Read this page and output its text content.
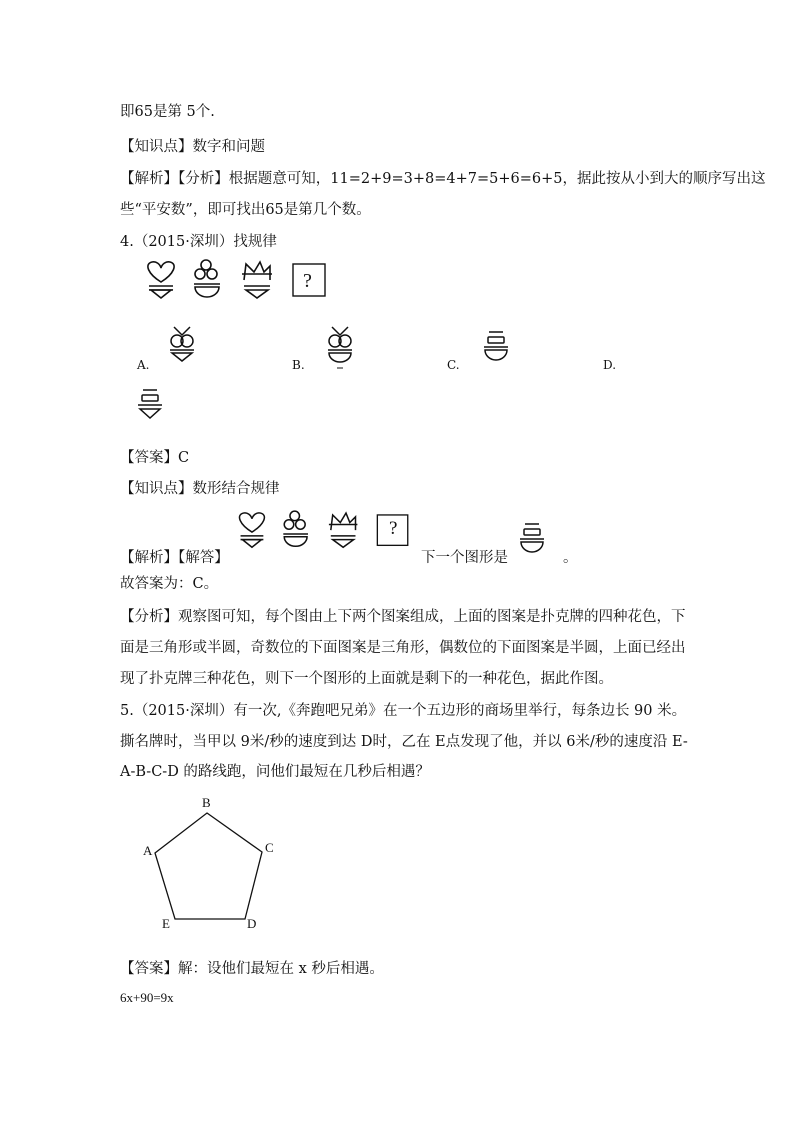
即65是第 5个.
【知识点】数字和问题
【解析】【分析】根据题意可知，11=2+9=3+8=4+7=5+6=6+5，据此按从小到大的顺序写出这
些“平安数”，即可找出65是第几个数。
4.（2015·深圳）找规律
?
A.	B.	C.	D.
【答案】C
【知识点】数形结合规律
【解析】【解答】
?
下一个图形是	。
故答案为：C。
【分析】观察图可知，每个图由上下两个图案组成，上面的图案是扑克牌的四种花色，下
面是三角形或半圆，奇数位的下面图案是三角形，偶数位的下面图案是半圆，上面已经出
现了扑克牌三种花色，则下一个图形的上面就是剩下的一种花色，据此作图。
5.（2015·深圳）有一次,《奔跑吧兄弟》在一个五边形的商场里举行，每条边长 90 米。
撕名牌时，当甲以 9米/秒的速度到达 D时，乙在 E点发现了他，并以 6米/秒的速度沿 E-
A-B-C-D 的路线跑，问他们最短在几秒后相遇？
B
C
A
E	D
【答案】解：设他们最短在 x 秒后相遇。
6x+90=9x
